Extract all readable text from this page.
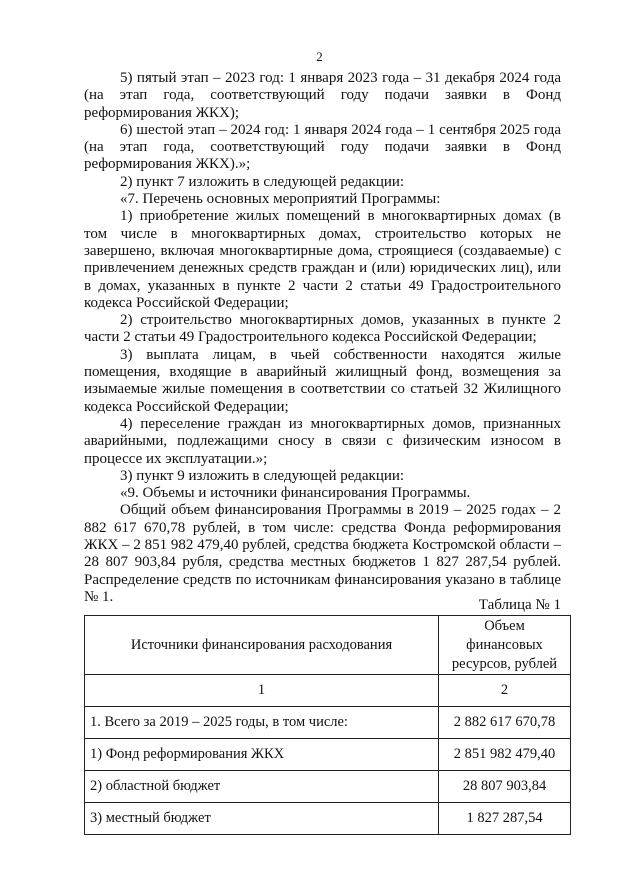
2

5) пятый этап – 2023 год: 1 января 2023 года – 31 декабря 2024 года (на этап года, соответствующий году подачи заявки в Фонд реформирования ЖКХ);

6) шестой этап – 2024 год: 1 января 2024 года – 1 сентября 2025 года (на этап года, соответствующий году подачи заявки в Фонд реформирования ЖКХ).»;

2) пункт 7 изложить в следующей редакции:

«7. Перечень основных мероприятий Программы:

1) приобретение жилых помещений в многоквартирных домах (в том числе в многоквартирных домах, строительство которых не завершено, включая многоквартирные дома, строящиеся (создаваемые) с привлечением денежных средств граждан и (или) юридических лиц), или в домах, указанных в пункте 2 части 2 статьи 49 Градостроительного кодекса Российской Федерации;

2) строительство многоквартирных домов, указанных в пункте 2 части 2 статьи 49 Градостроительного кодекса Российской Федерации;

3) выплата лицам, в чьей собственности находятся жилые помещения, входящие в аварийный жилищный фонд, возмещения за изымаемые жилые помещения в соответствии со статьей 32 Жилищного кодекса Российской Федерации;

4) переселение граждан из многоквартирных домов, признанных аварийными, подлежащими сносу в связи с физическим износом в процессе их эксплуатации.»;

3) пункт 9 изложить в следующей редакции:

«9. Объемы и источники финансирования Программы.

Общий объем финансирования Программы в 2019 – 2025 годах – 2 882 617 670,78 рублей, в том числе: средства Фонда реформирования ЖКХ – 2 851 982 479,40 рублей, средства бюджета Костромской области – 28 807 903,84 рубля, средства местных бюджетов 1 827 287,54 рублей. Распределение средств по источникам финансирования указано в таблице № 1.

Таблица № 1
Источники финансирования расходования	Объем
финансовых
ресурсов, рублей
1	2
1. Всего за 2019 – 2025 годы, в том числе:	2 882 617 670,78
1) Фонд реформирования ЖКХ	2 851 982 479,40
2) областной бюджет	28 807 903,84
3) местный бюджет	1 827 287,54
